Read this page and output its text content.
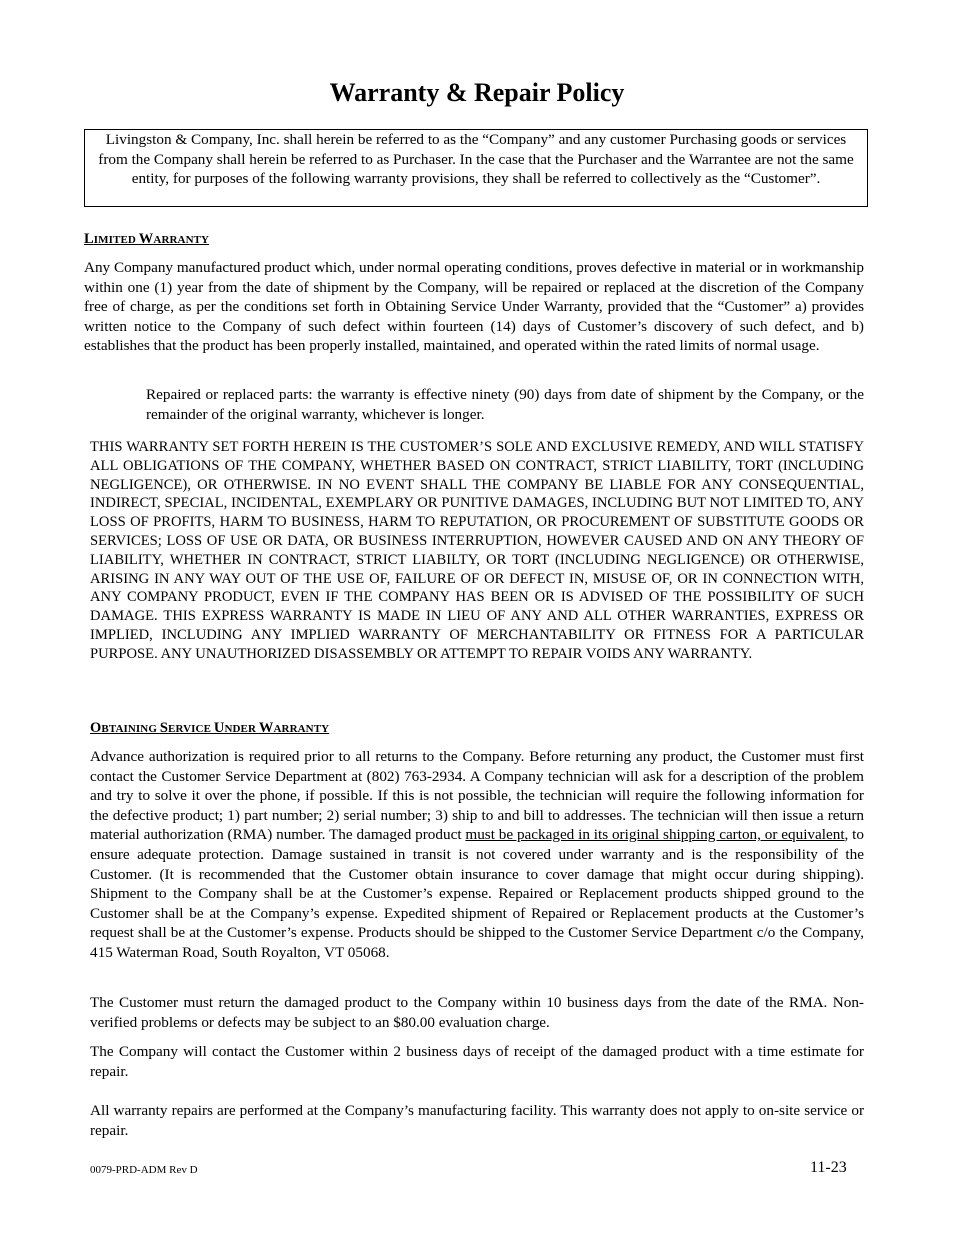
Warranty & Repair Policy
Livingston & Company, Inc. shall herein be referred to as the “Company” and any customer Purchasing goods or services from the Company shall herein be referred to as Purchaser. In the case that the Purchaser and the Warrantee are not the same entity, for purposes of the following warranty provisions, they shall be referred to collectively as the “Customer”.
LIMITED WARRANTY
Any Company manufactured product which, under normal operating conditions, proves defective in material or in workmanship within one (1) year from the date of shipment by the Company, will be repaired or replaced at the discretion of the Company free of charge, as per the conditions set forth in Obtaining Service Under Warranty, provided that the “Customer” a) provides written notice to the Company of such defect within fourteen (14) days of Customer’s discovery of such defect, and b) establishes that the product has been properly installed, maintained, and operated within the rated limits of normal usage.
Repaired or replaced parts: the warranty is effective ninety (90) days from date of shipment by the Company, or the remainder of the original warranty, whichever is longer.
THIS WARRANTY SET FORTH HEREIN IS THE CUSTOMER’S SOLE AND EXCLUSIVE REMEDY, AND WILL STATISFY ALL OBLIGATIONS OF THE COMPANY, WHETHER BASED ON CONTRACT, STRICT LIABILITY, TORT (INCLUDING NEGLIGENCE), OR OTHERWISE. IN NO EVENT SHALL THE COMPANY BE LIABLE FOR ANY CONSEQUENTIAL, INDIRECT, SPECIAL, INCIDENTAL, EXEMPLARY OR PUNITIVE DAMAGES, INCLUDING BUT NOT LIMITED TO, ANY LOSS OF PROFITS, HARM TO BUSINESS, HARM TO REPUTATION, OR PROCUREMENT OF SUBSTITUTE GOODS OR SERVICES; LOSS OF USE OR DATA, OR BUSINESS INTERRUPTION, HOWEVER CAUSED AND ON ANY THEORY OF LIABILITY, WHETHER IN CONTRACT, STRICT LIABILTY, OR TORT (INCLUDING NEGLIGENCE) OR OTHERWISE, ARISING IN ANY WAY OUT OF THE USE OF, FAILURE OF OR DEFECT IN, MISUSE OF, OR IN CONNECTION WITH, ANY COMPANY PRODUCT, EVEN IF THE COMPANY HAS BEEN OR IS ADVISED OF THE POSSIBILITY OF SUCH DAMAGE. THIS EXPRESS WARRANTY IS MADE IN LIEU OF ANY AND ALL OTHER WARRANTIES, EXPRESS OR IMPLIED, INCLUDING ANY IMPLIED WARRANTY OF MERCHANTABILITY OR FITNESS FOR A PARTICULAR PURPOSE. ANY UNAUTHORIZED DISASSEMBLY OR ATTEMPT TO REPAIR VOIDS ANY WARRANTY.
OBTAINING SERVICE UNDER WARRANTY
Advance authorization is required prior to all returns to the Company. Before returning any product, the Customer must first contact the Customer Service Department at (802) 763-2934. A Company technician will ask for a description of the problem and try to solve it over the phone, if possible. If this is not possible, the technician will require the following information for the defective product; 1) part number; 2) serial number; 3) ship to and bill to addresses. The technician will then issue a return material authorization (RMA) number. The damaged product must be packaged in its original shipping carton, or equivalent, to ensure adequate protection. Damage sustained in transit is not covered under warranty and is the responsibility of the Customer. (It is recommended that the Customer obtain insurance to cover damage that might occur during shipping). Shipment to the Company shall be at the Customer’s expense. Repaired or Replacement products shipped ground to the Customer shall be at the Company’s expense. Expedited shipment of Repaired or Replacement products at the Customer’s request shall be at the Customer’s expense. Products should be shipped to the Customer Service Department c/o the Company, 415 Waterman Road, South Royalton, VT 05068.
The Customer must return the damaged product to the Company within 10 business days from the date of the RMA. Non-verified problems or defects may be subject to an $80.00 evaluation charge.
The Company will contact the Customer within 2 business days of receipt of the damaged product with a time estimate for repair.
All warranty repairs are performed at the Company’s manufacturing facility. This warranty does not apply to on-site service or repair.
0079-PRD-ADM Rev D	11-23
